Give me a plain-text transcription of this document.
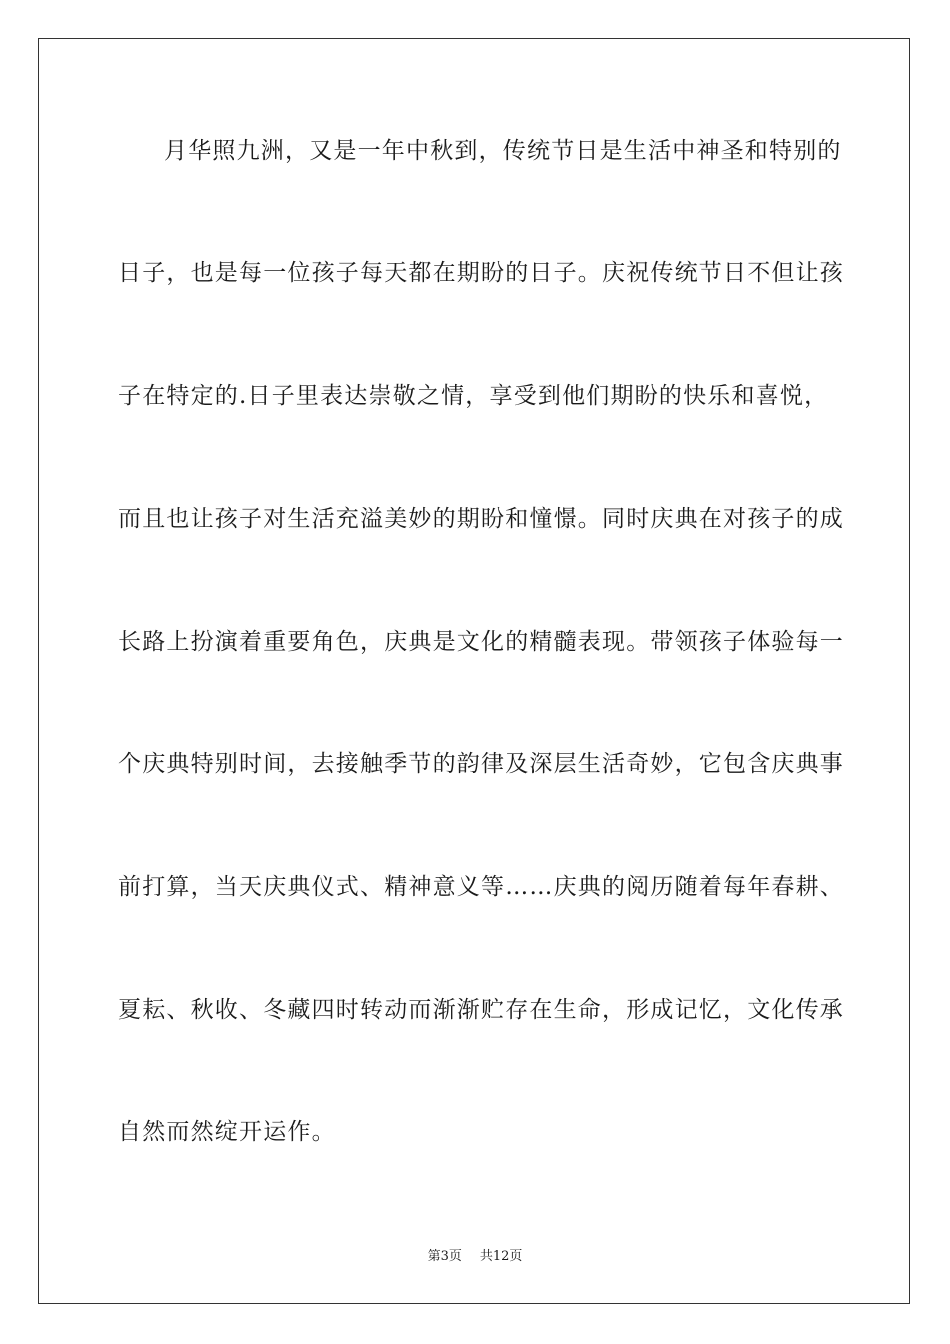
月华照九洲，又是一年中秋到，传统节日是生活中神圣和特别的
日子，也是每一位孩子每天都在期盼的日子。庆祝传统节日不但让孩
子在特定的.日子里表达崇敬之情，享受到他们期盼的快乐和喜悦，
而且也让孩子对生活充溢美妙的期盼和憧憬。同时庆典在对孩子的成
长路上扮演着重要角色，庆典是文化的精髓表现。带领孩子体验每一
个庆典特别时间，去接触季节的韵律及深层生活奇妙，它包含庆典事
前打算，当天庆典仪式、精神意义等……庆典的阅历随着每年春耕、
夏耘、秋收、冬藏四时转动而渐渐贮存在生命，形成记忆，文化传承
自然而然绽开运作。
第3页 共12页
